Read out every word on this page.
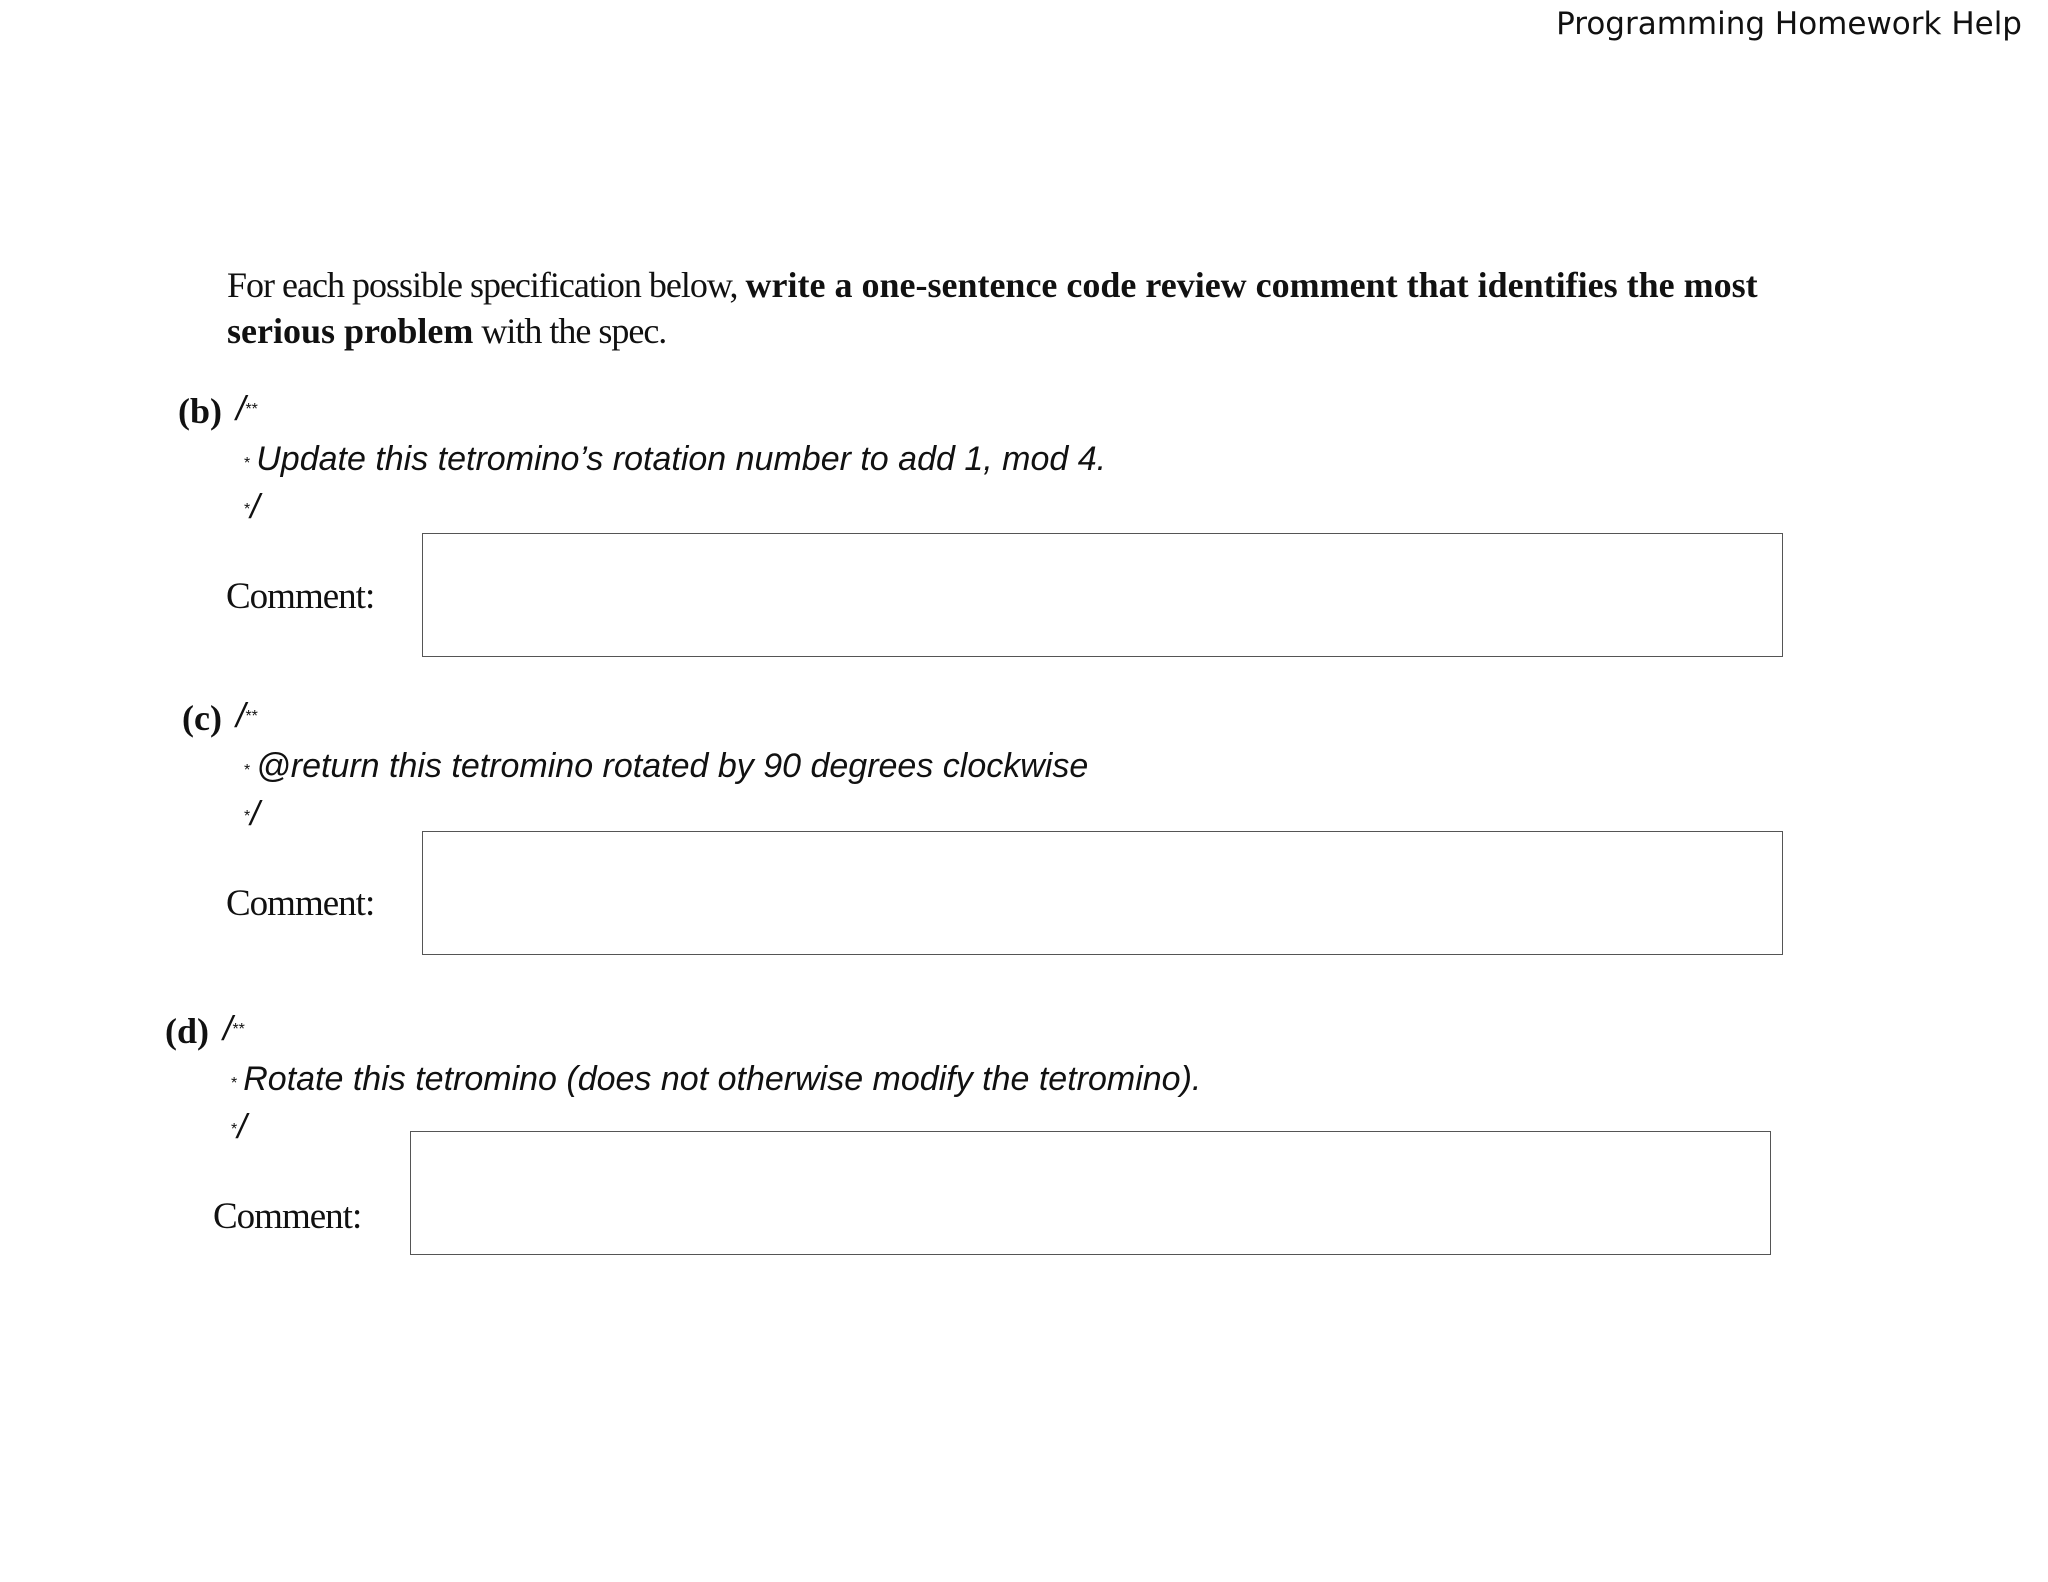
Programming Homework Help
For each possible specification below, write a one-sentence code review comment that identifies the most serious problem with the spec.
(b) /**
* Update this tetromino’s rotation number to add 1, mod 4.
*/
Comment:
(c) /**
* @return this tetromino rotated by 90 degrees clockwise
*/
Comment:
(d) /**
* Rotate this tetromino (does not otherwise modify the tetromino).
*/
Comment:
